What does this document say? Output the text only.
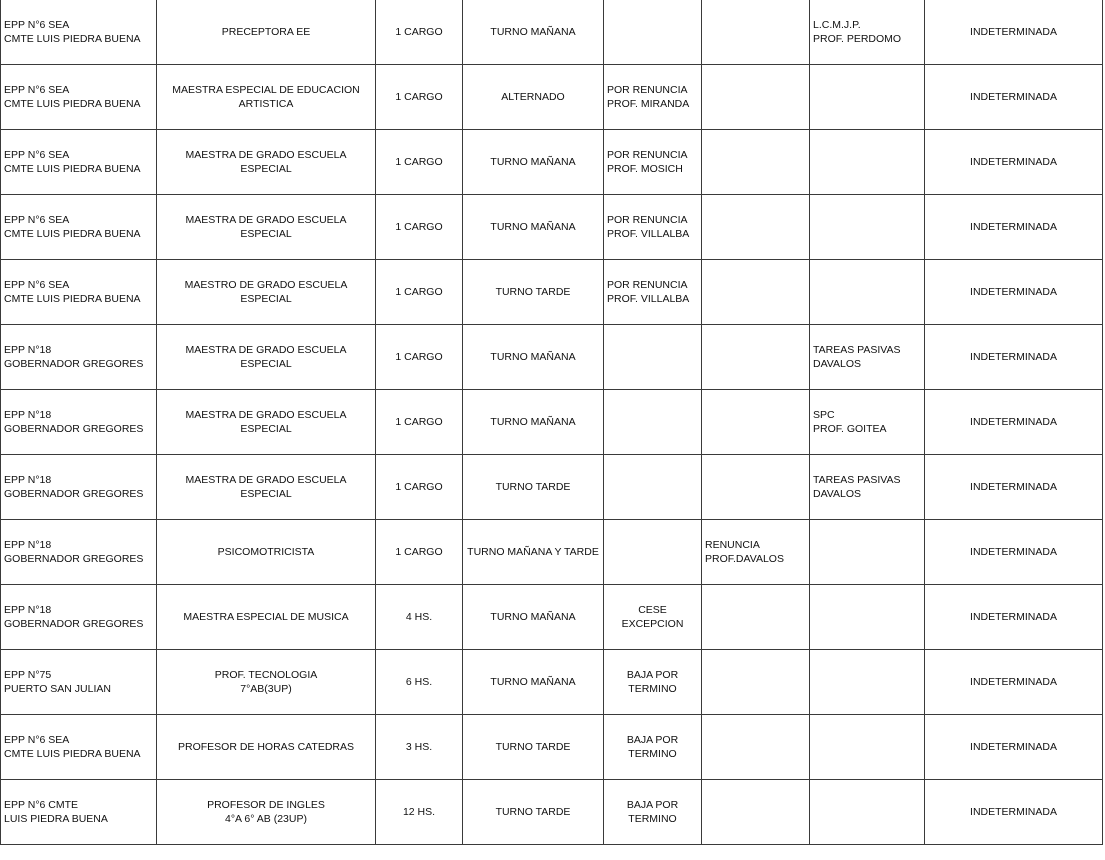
EPP N°6 SEA
CMTE LUIS PIEDRA BUENA	PRECEPTORA EE	1 CARGO	TURNO MAÑANA			L.C.M.J.P.
PROF. PERDOMO	INDETERMINADA
EPP N°6 SEA
CMTE LUIS PIEDRA BUENA	MAESTRA ESPECIAL DE EDUCACION
ARTISTICA	1 CARGO	ALTERNADO	POR RENUNCIA
PROF. MIRANDA			INDETERMINADA
EPP N°6 SEA
CMTE LUIS PIEDRA BUENA	MAESTRA DE GRADO ESCUELA ESPECIAL	1 CARGO	TURNO MAÑANA	POR RENUNCIA
PROF. MOSICH			INDETERMINADA
EPP N°6 SEA
CMTE LUIS PIEDRA BUENA	MAESTRA DE GRADO ESCUELA ESPECIAL	1 CARGO	TURNO MAÑANA	POR RENUNCIA
PROF. VILLALBA			INDETERMINADA
EPP N°6 SEA
CMTE LUIS PIEDRA BUENA	MAESTRO DE GRADO ESCUELA ESPECIAL	1 CARGO	TURNO TARDE	POR RENUNCIA
PROF. VILLALBA			INDETERMINADA
EPP N°18
GOBERNADOR GREGORES	MAESTRA DE GRADO ESCUELA ESPECIAL	1 CARGO	TURNO MAÑANA			TAREAS PASIVAS
DAVALOS	INDETERMINADA
EPP N°18
GOBERNADOR GREGORES	MAESTRA DE GRADO ESCUELA ESPECIAL	1 CARGO	TURNO MAÑANA			SPC
PROF. GOITEA	INDETERMINADA
EPP N°18
GOBERNADOR GREGORES	MAESTRA DE GRADO ESCUELA ESPECIAL	1 CARGO	TURNO TARDE			TAREAS PASIVAS
DAVALOS	INDETERMINADA
EPP N°18
GOBERNADOR GREGORES	PSICOMOTRICISTA	1 CARGO	TURNO MAÑANA Y TARDE		RENUNCIA
PROF.DAVALOS		INDETERMINADA
EPP N°18
GOBERNADOR GREGORES	MAESTRA ESPECIAL DE MUSICA	4 HS.	TURNO MAÑANA	CESE EXCEPCION			INDETERMINADA
EPP N°75
PUERTO SAN JULIAN	PROF. TECNOLOGIA
7°AB(3UP)	6 HS.	TURNO MAÑANA	BAJA POR
TERMINO			INDETERMINADA
EPP N°6 SEA
CMTE LUIS PIEDRA BUENA	PROFESOR DE HORAS CATEDRAS	3 HS.	TURNO TARDE	BAJA POR
TERMINO			INDETERMINADA
EPP N°6 CMTE
LUIS PIEDRA BUENA	PROFESOR DE INGLES
4°A 6° AB (23UP)	12 HS.	TURNO TARDE	BAJA POR
TERMINO			INDETERMINADA
